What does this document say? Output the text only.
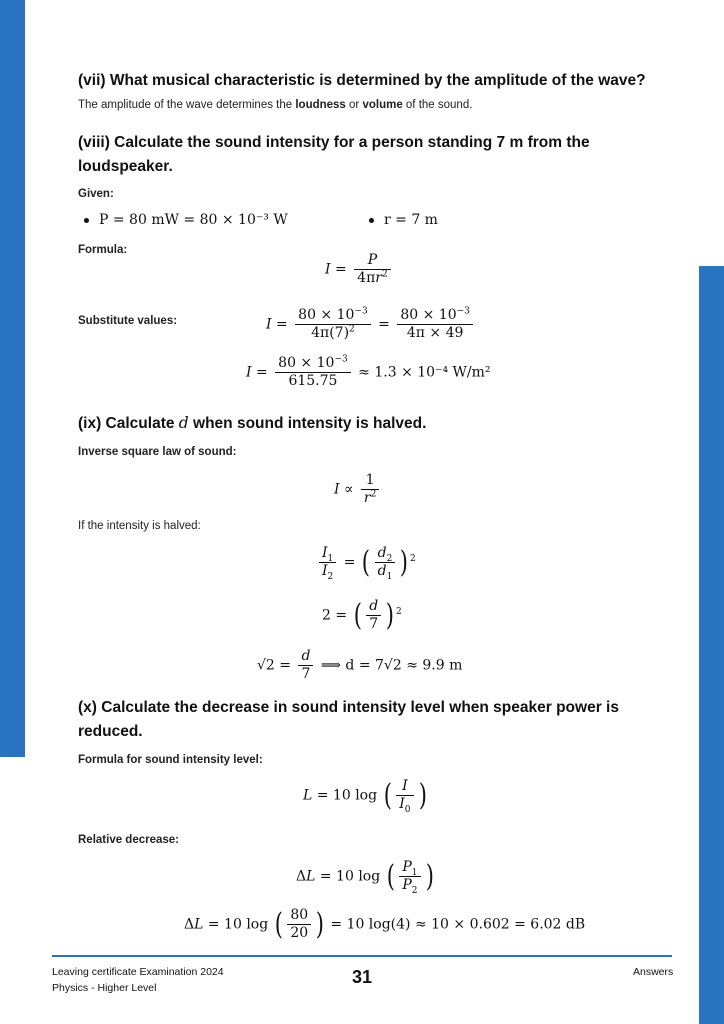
(vii) What musical characteristic is determined by the amplitude of the wave?
The amplitude of the wave determines the loudness or volume of the sound.
(viii) Calculate the sound intensity for a person standing 7 m from the
loudspeaker.
Given:
P = 80 mW = 80 × 10⁻³ W	r = 7 m
Formula:
$I = \frac{P}{4\pi r^2}$
Substitute values:	$I = \frac{80 \times 10^{-3}}{4\pi(7)^2} = \frac{80 \times 10^{-3}}{4\pi \times 49}$
$I = \frac{80 \times 10^{-3}}{615.75} \approx 1.3 \times 10^{-4}$ W/m²
(ix) Calculate d when sound intensity is halved.
Inverse square law of sound:
$I \propto \frac{1}{r^2}$
If the intensity is halved:
$\frac{I_1}{I_2}$ = ( $\frac{d_2}{d_1}$ ) $^2$
2 = ( $\frac{d}{7}$ ) $^2$
$√2 = \frac{d}{7}$ ⟹ d = 7√2 ≈ 9.9 m
(x) Calculate the decrease in sound intensity level when speaker power is
reduced.
Formula for sound intensity level:
L = 10 log ( $\frac{I}{I_0}$ )
Relative decrease:
ΔL = 10 log ( $\frac{P_1}{P_2}$ )
ΔL = 10 log ( $\frac{80}{20}$ ) = 10 log(4) ≈ 10 × 0.602 = 6.02 dB
Leaving certificate Examination 2024
Physics - Higher Level
31	Answers
